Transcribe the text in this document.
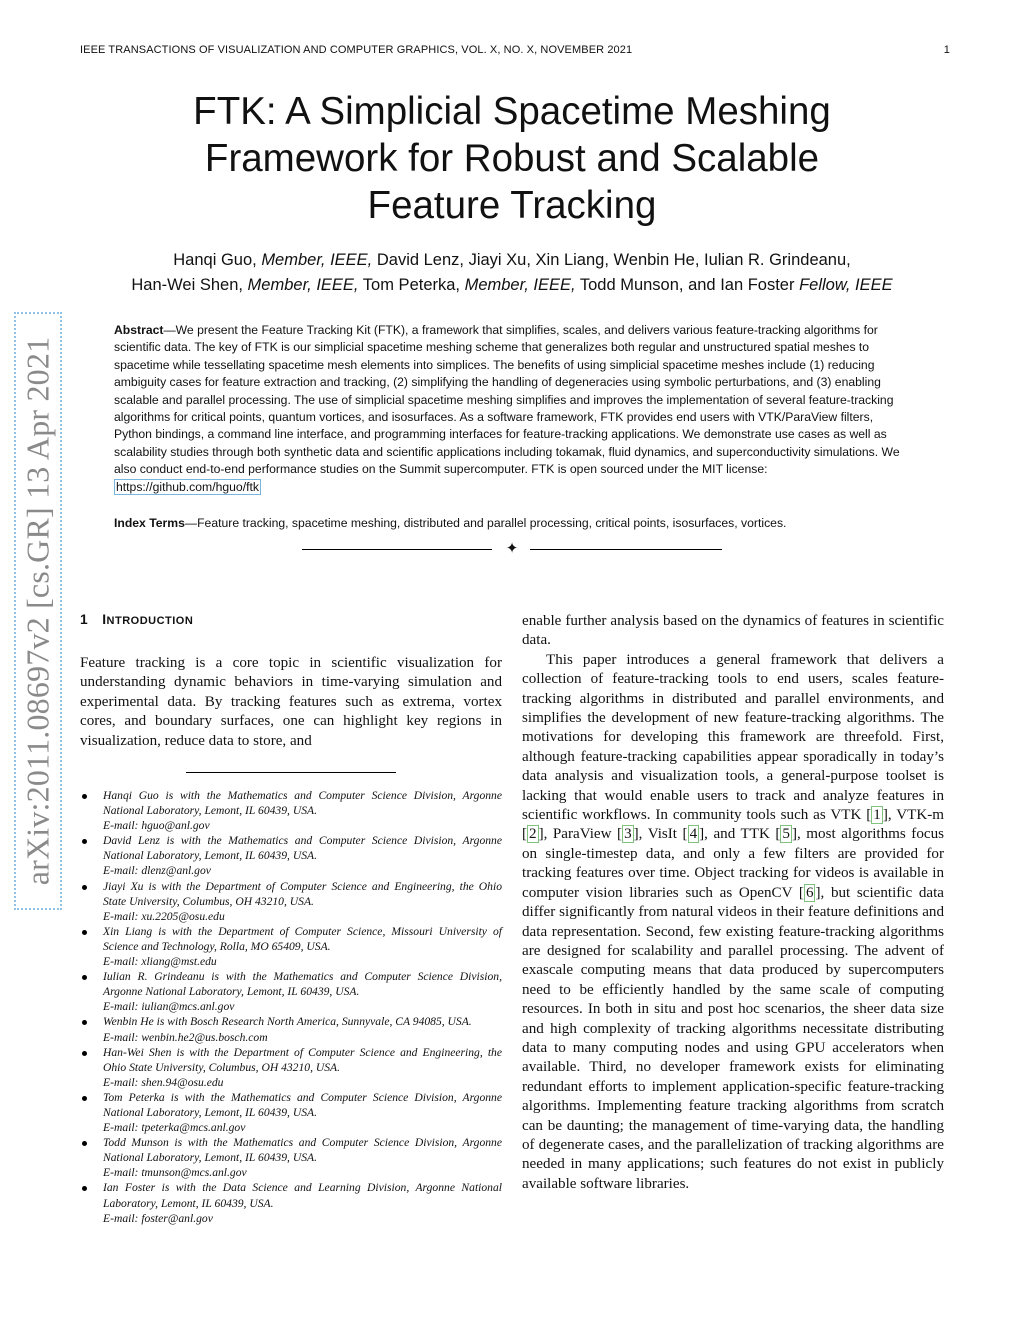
IEEE TRANSACTIONS OF VISUALIZATION AND COMPUTER GRAPHICS, VOL. X, NO. X, NOVEMBER 2021	1
FTK: A Simplicial Spacetime Meshing
Framework for Robust and Scalable
Feature Tracking
Hanqi Guo, Member, IEEE, David Lenz, Jiayi Xu, Xin Liang, Wenbin He, Iulian R. Grindeanu,
Han-Wei Shen, Member, IEEE, Tom Peterka, Member, IEEE, Todd Munson, and Ian Foster Fellow, IEEE
arXiv:2011.08697v2 [cs.GR] 13 Apr 2021
Abstract—We present the Feature Tracking Kit (FTK), a framework that simplifies, scales, and delivers various feature-tracking algorithms for scientific data. The key of FTK is our simplicial spacetime meshing scheme that generalizes both regular and unstructured spatial meshes to spacetime while tessellating spacetime mesh elements into simplices. The benefits of using simplicial spacetime meshes include (1) reducing ambiguity cases for feature extraction and tracking, (2) simplifying the handling of degeneracies using symbolic perturbations, and (3) enabling scalable and parallel processing. The use of simplicial spacetime meshing simplifies and improves the implementation of several feature-tracking algorithms for critical points, quantum vortices, and isosurfaces. As a software framework, FTK provides end users with VTK/ParaView filters, Python bindings, a command line interface, and programming interfaces for feature-tracking applications. We demonstrate use cases as well as scalability studies through both synthetic data and scientific applications including tokamak, fluid dynamics, and superconductivity simulations. We also conduct end-to-end performance studies on the Summit supercomputer. FTK is open sourced under the MIT license: https://github.com/hguo/ftk
Index Terms—Feature tracking, spacetime meshing, distributed and parallel processing, critical points, isosurfaces, vortices.
✦
1 INTRODUCTION

Feature tracking is a core topic in scientific visualization for understanding dynamic behaviors in time-varying simulation and experimental data. By tracking features such as extrema, vortex cores, and boundary surfaces, one can highlight key regions in visualization, reduce data to store, and

Hanqi Guo is with the Mathematics and Computer Science Division, Argonne National Laboratory, Lemont, IL 60439, USA.
E-mail: hguo@anl.gov
David Lenz is with the Mathematics and Computer Science Division, Argonne National Laboratory, Lemont, IL 60439, USA.
E-mail: dlenz@anl.gov
Jiayi Xu is with the Department of Computer Science and Engineering, the Ohio State University, Columbus, OH 43210, USA.
E-mail: xu.2205@osu.edu
Xin Liang is with the Department of Computer Science, Missouri University of Science and Technology, Rolla, MO 65409, USA.
E-mail: xliang@mst.edu
Iulian R. Grindeanu is with the Mathematics and Computer Science Division, Argonne National Laboratory, Lemont, IL 60439, USA.
E-mail: iulian@mcs.anl.gov
Wenbin He is with Bosch Research North America, Sunnyvale, CA 94085, USA.
E-mail: wenbin.he2@us.bosch.com
Han-Wei Shen is with the Department of Computer Science and Engineering, the Ohio State University, Columbus, OH 43210, USA.
E-mail: shen.94@osu.edu
Tom Peterka is with the Mathematics and Computer Science Division, Argonne National Laboratory, Lemont, IL 60439, USA.
E-mail: tpeterka@mcs.anl.gov
Todd Munson is with the Mathematics and Computer Science Division, Argonne National Laboratory, Lemont, IL 60439, USA.
E-mail: tmunson@mcs.anl.gov
Ian Foster is with the Data Science and Learning Division, Argonne National Laboratory, Lemont, IL 60439, USA.
E-mail: foster@anl.gov

enable further analysis based on the dynamics of features in scientific data.

This paper introduces a general framework that delivers a collection of feature-tracking tools to end users, scales feature-tracking algorithms in distributed and parallel environments, and simplifies the development of new feature-tracking algorithms. The motivations for developing this framework are threefold. First, although feature-tracking capabilities appear sporadically in today’s data analysis and visualization tools, a general-purpose toolset is lacking that would enable users to track and analyze features in scientific workflows. In community tools such as VTK [ 1 ], VTK-m [ 2 ], ParaView [ 3 ], VisIt [ 4 ], and TTK [ 5 ], most algorithms focus on single-timestep data, and only a few filters are provided for tracking features over time. Object tracking for videos is available in computer vision libraries such as OpenCV [ 6 ], but scientific data differ significantly from natural videos in their feature definitions and data representation. Second, few existing feature-tracking algorithms are designed for scalability and parallel processing. The advent of exascale computing means that data produced by supercomputers need to be efficiently handled by the same scale of computing resources. In both in situ and post hoc scenarios, the sheer data size and high complexity of tracking algorithms necessitate distributing data to many computing nodes and using GPU accelerators when available. Third, no developer framework exists for eliminating redundant efforts to implement application-specific feature-tracking algorithms. Implementing feature tracking algorithms from scratch can be daunting; the management of time-varying data, the handling of degenerate cases, and the parallelization of tracking algorithms are needed in many applications; such features do not exist in publicly available software libraries.
